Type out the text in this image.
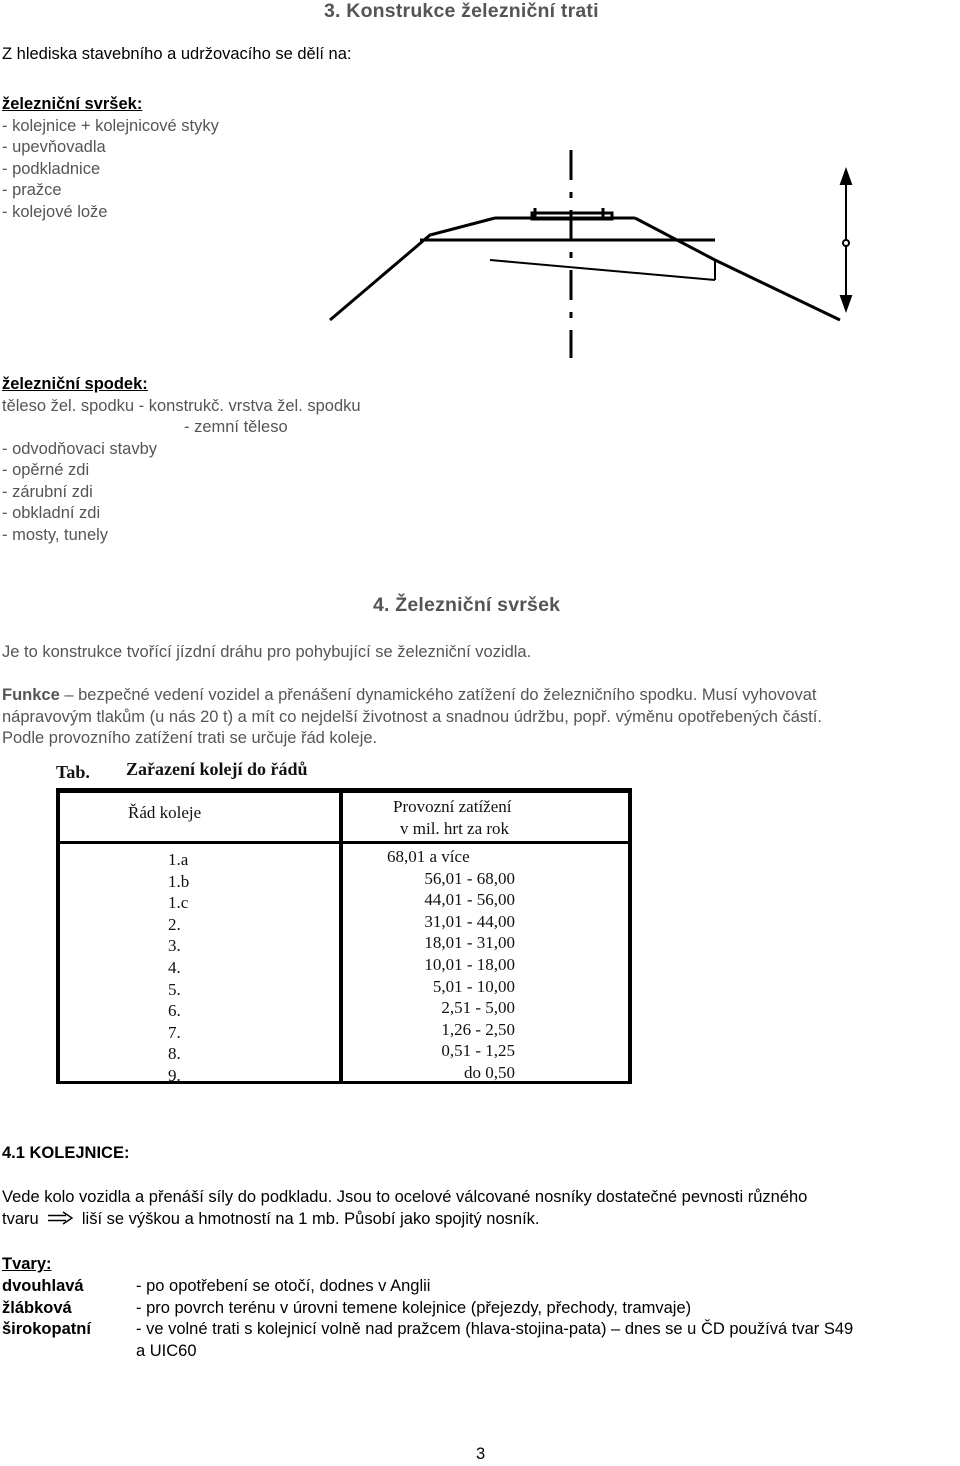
3. Konstrukce železniční trati
Z hlediska stavebního a udržovacího se dělí na:
železniční svršek:
- kolejnice + kolejnicové styky
- upevňovadla
- podkladnice
- pražce
- kolejové lože
železniční spodek:
těleso žel. spodku - konstrukč. vrstva žel. spodku
- zemní těleso
- odvodňovaci stavby
- opěrné zdi
- zárubní zdi
- obkladní zdi
- mosty, tunely
4. Železniční svršek
Je to konstrukce tvořící jízdní dráhu pro pohybující se železniční vozidla.
Funkce – bezpečné vedení vozidel a přenášení dynamického zatížení do železničního spodku. Musí vyhovovat
nápravovým tlakům (u nás 20 t) a mít co nejdelší životnost a snadnou údržbu, popř. výměnu opotřebených částí.
Podle provozního zatížení trati se určuje řád koleje.
Tab. Zařazení kolejí do řádů
Řád koleje	Provozní zatížení
v mil. hrt za rok
1.a
1.b
1.c
2.
3.
4.
5.
6.
7.
8.
9.
68,01 a více
56,01 - 68,00
44,01 - 56,00
31,01 - 44,00
18,01 - 31,00
10,01 - 18,00
5,01 - 10,00
2,51 - 5,00
1,26 - 2,50
0,51 - 1,25
do 0,50
4.1 KOLEJNICE:
Vede kolo vozidla a přenáší síly do podkladu. Jsou to ocelové válcované nosníky dostatečné pevnosti různého
tvaru  liší se výškou a hmotností na 1 mb. Působí jako spojitý nosník.
Tvary:
dvouhlavá
žlábková
širokopatní
- po opotřebení se otočí, dodnes v Anglii
- pro povrch terénu v úrovni temene kolejnice (přejezdy, přechody, tramvaje)
- ve volné trati s kolejnicí volně nad pražcem (hlava-stojina-pata) – dnes se u ČD používá tvar S49
a UIC60
3
